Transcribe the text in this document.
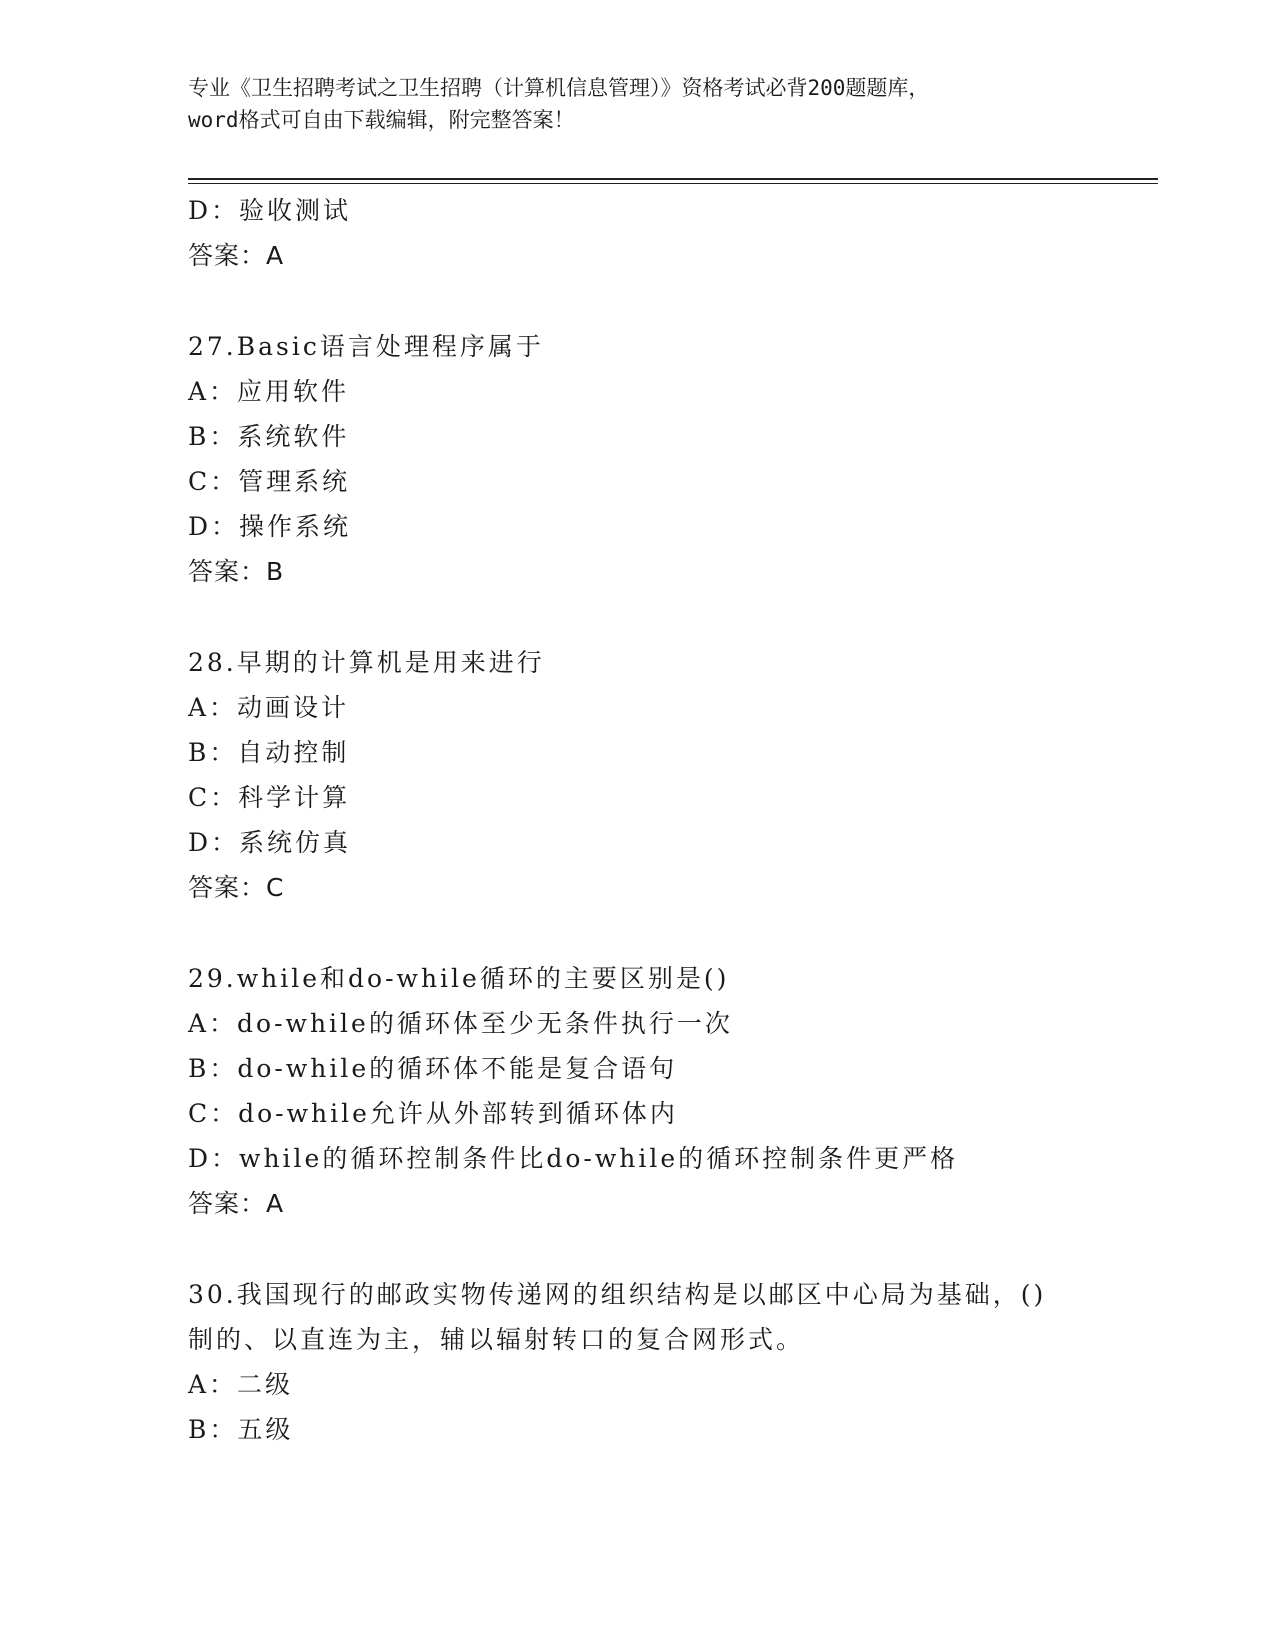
专业《卫生招聘考试之卫生招聘（计算机信息管理）》资格考试必背200题题库，
word格式可自由下载编辑，附完整答案！
D：验收测试
答案：A
27.Basic语言处理程序属于
A：应用软件
B：系统软件
C：管理系统
D：操作系统
答案：B
28.早期的计算机是用来进行
A：动画设计
B：自动控制
C：科学计算
D：系统仿真
答案：C
29.while和do-while循环的主要区别是()
A：do-while的循环体至少无条件执行一次
B：do-while的循环体不能是复合语句
C：do-while允许从外部转到循环体内
D：while的循环控制条件比do-while的循环控制条件更严格
答案：A
30.我国现行的邮政实物传递网的组织结构是以邮区中心局为基础，()
制的、以直连为主，辅以辐射转口的复合网形式。
A：二级
B：五级
